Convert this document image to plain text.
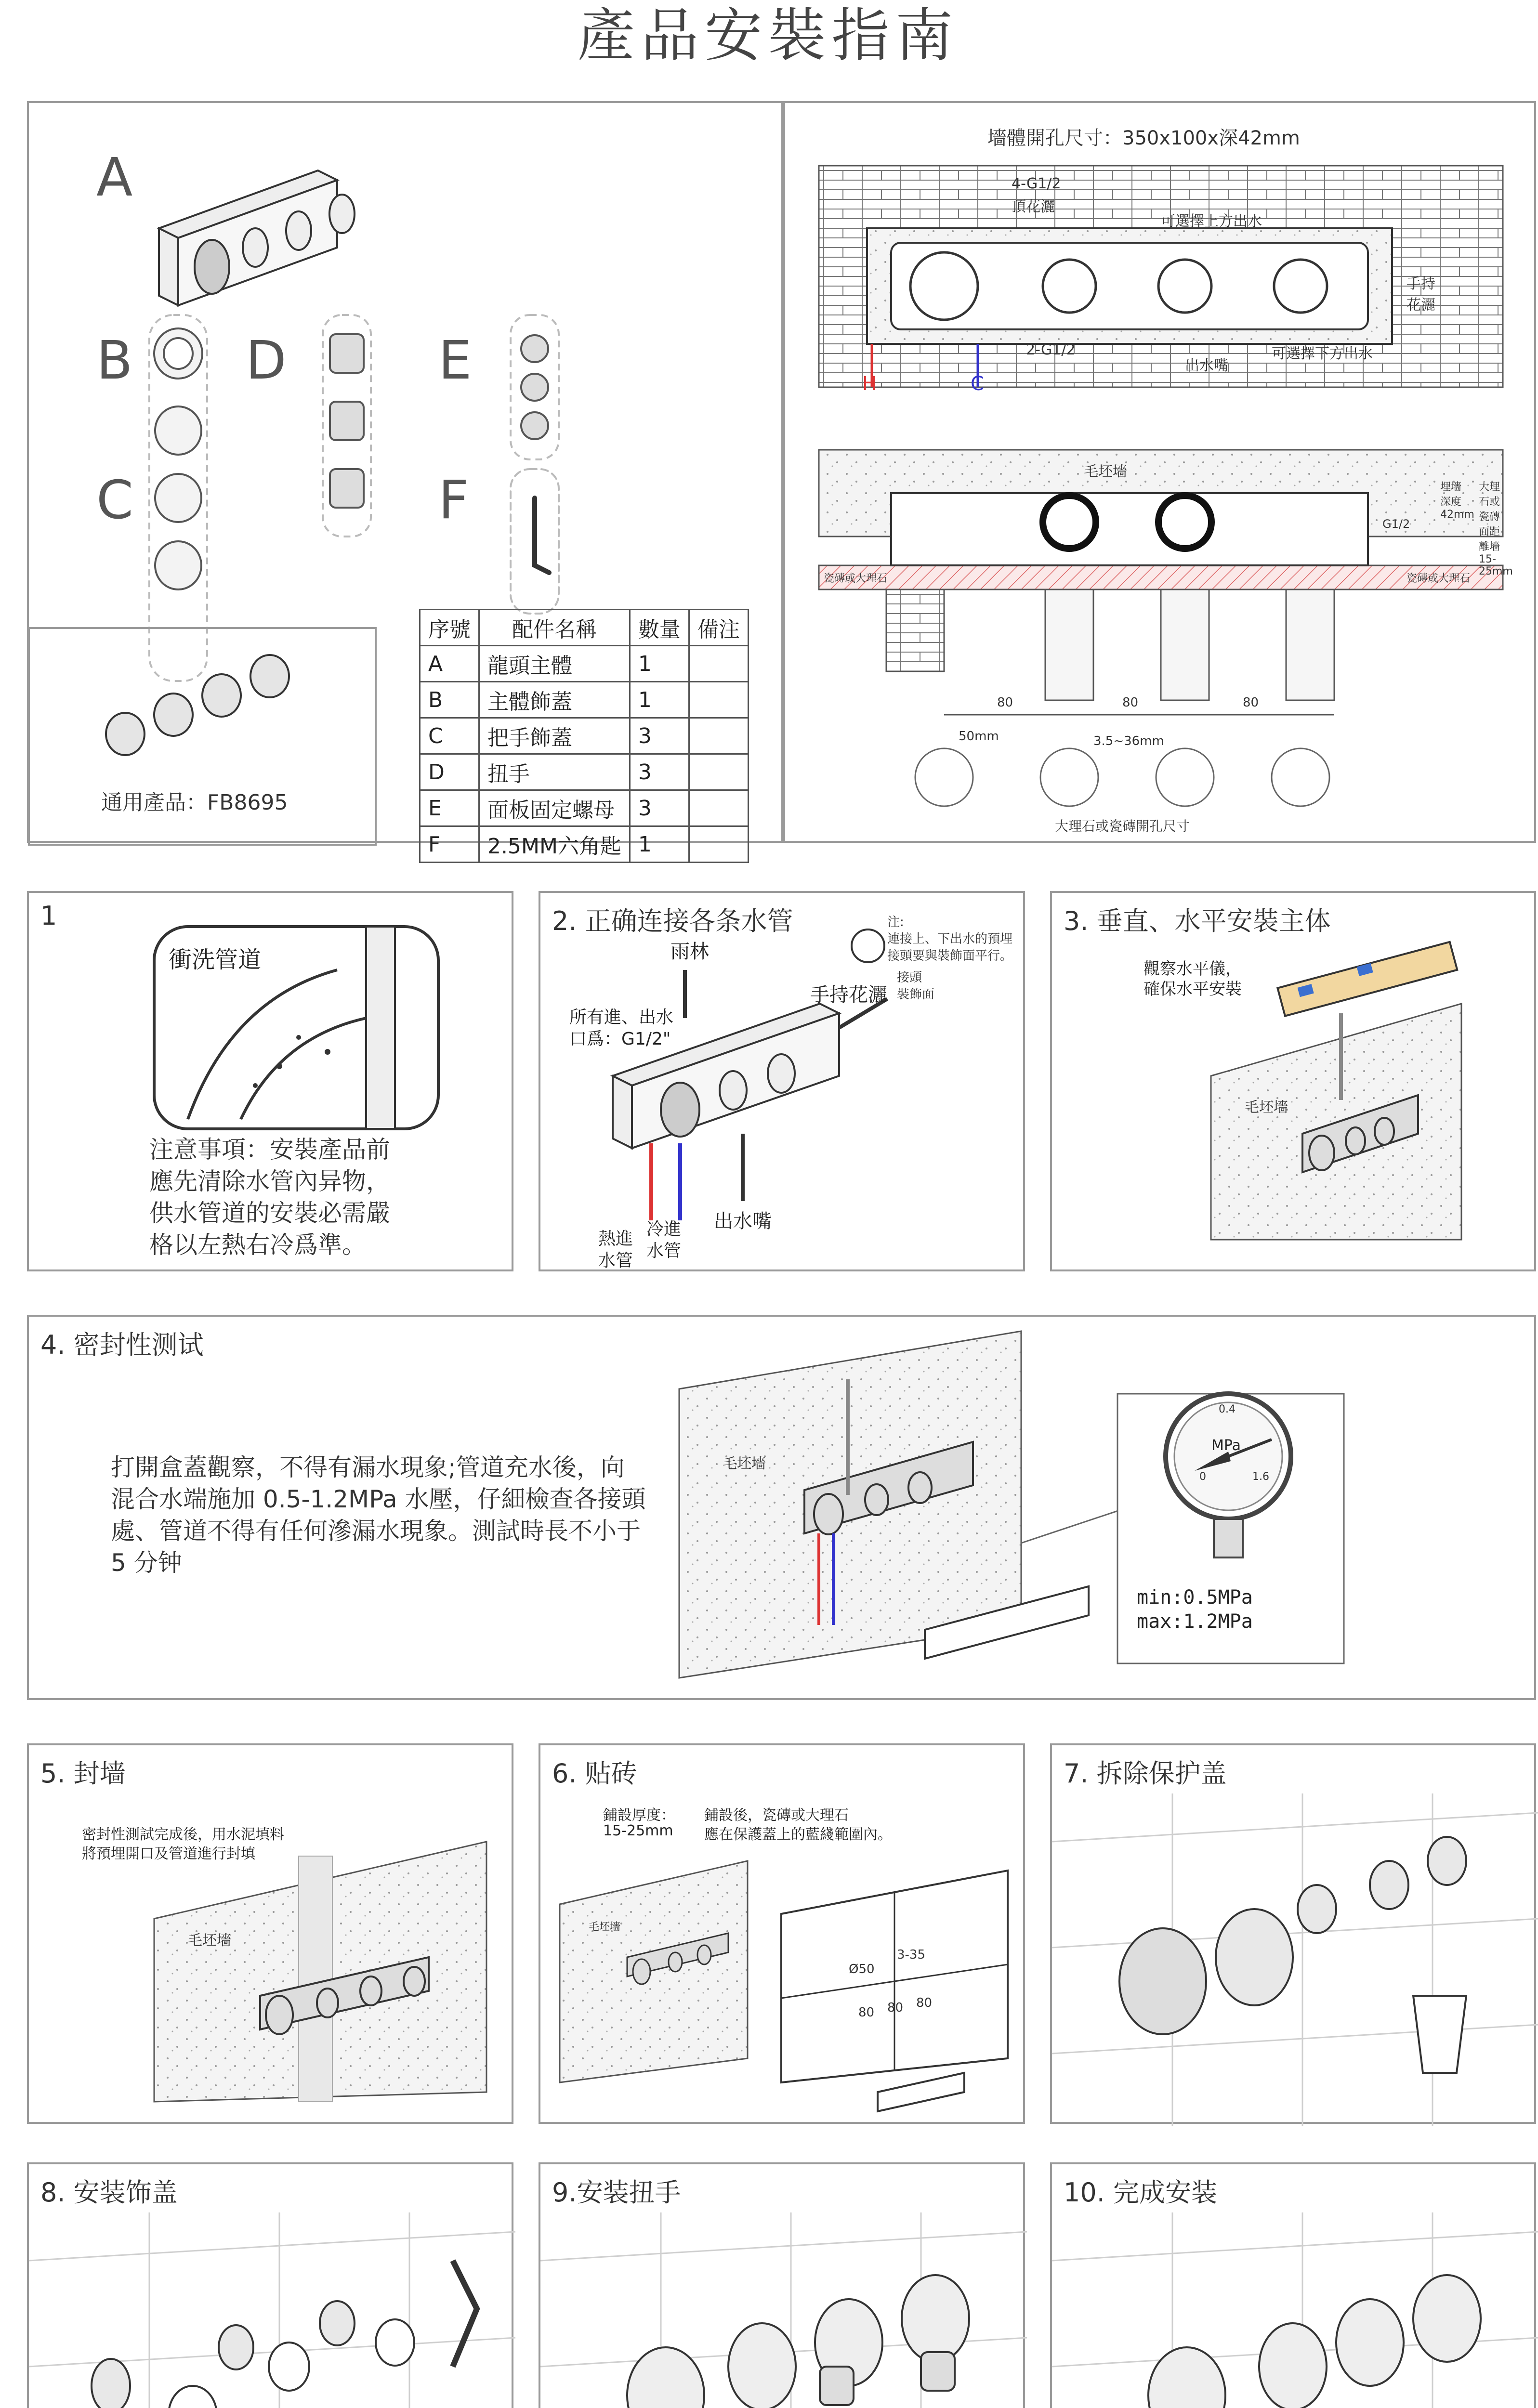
產品安裝指南
A
B
C
D	E
F
通用產品：FB8695
序號	配件名稱	數量	備注
A	龍頭主體	1	
B	主體飾蓋	1	
C	把手飾蓋	3	
D	扭手	3	
E	面板固定螺母	3	
F	2.5MM六角匙	1	
墻體開孔尺寸：350x100x深42mm
4-G1/2
頂花灑
可選擇上方出水
2-G1/2
出水嘴
可選擇下方出水
手持花灑
H	C
毛坯墻
瓷磚或大理石	瓷磚或大理石
G1/2
埋墻深度42mm
大理石或瓷磚面距離墻15-25mm
80	80	80
50mm	3.5~36mm
大理石或瓷磚開孔尺寸
1
衝洗管道
注意事項：安裝產品前
應先清除水管內异物，
供水管道的安裝必需嚴
格以左熱右冷爲準。
2. 正确连接各条水管
雨林
注:
連接上、下出水的預埋
接頭要與裝飾面平行。
接頭
裝飾面
所有進、出水
口爲：G1/2"
手持花灑
熱進
水管
冷進
水管
出水嘴
3. 垂直、水平安裝主体
觀察水平儀，
確保水平安裝
毛坯墻
4. 密封性测试
打開盒蓋觀察，不得有漏水現象;管道充水後，向
混合水端施加 0.5-1.2MPa 水壓，仔細檢查各接頭
處、管道不得有任何滲漏水現象。測試時長不小于
5 分钟
毛坯墻
MPa
0
0.4
1.6
min:0.5MPa
max:1.2MPa
5. 封墙
密封性測試完成後，用水泥填料
將預埋開口及管道進行封填
毛坯墻
6. 贴砖
鋪設厚度：
15-25mm
鋪設後，瓷磚或大理石
應在保護蓋上的藍綫範圍內。
毛坯墻
Ø50
3-35
80 80 80
7. 拆除保护盖
8. 安装饰盖	9.安装扭手	10. 完成安装
